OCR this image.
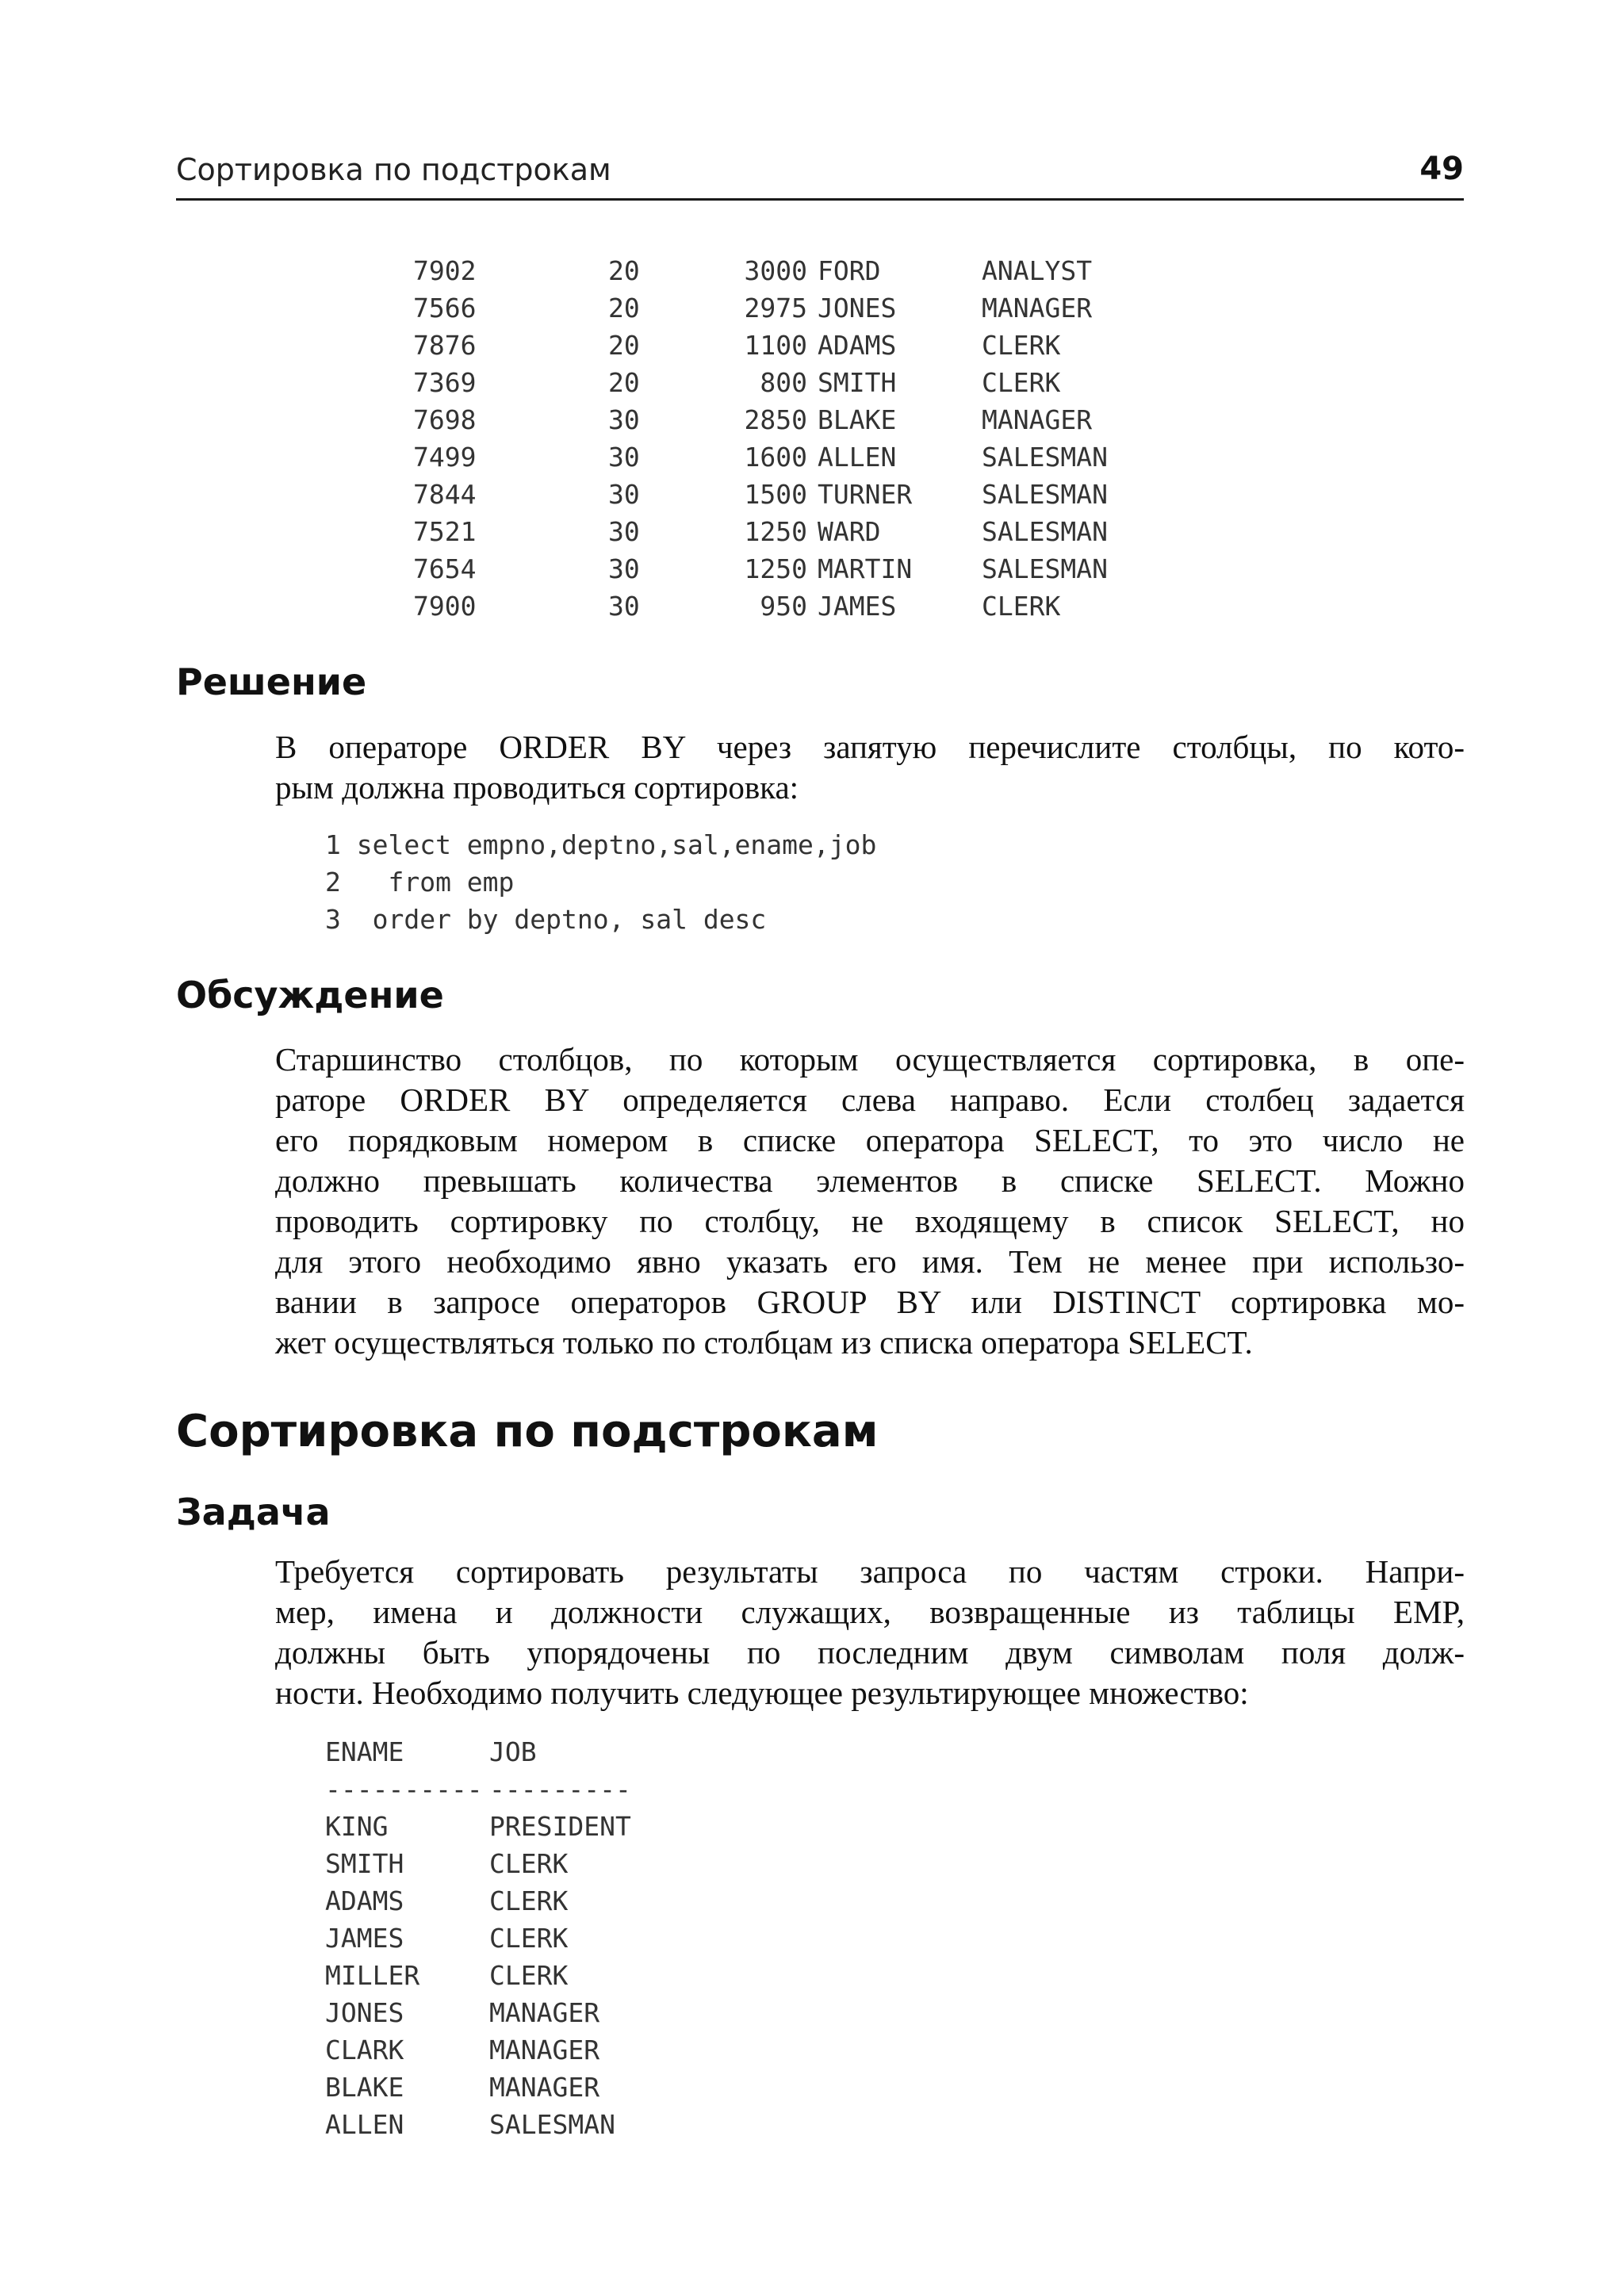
Сортировка по подстрокам	49
7902	20	3000 FORD	ANALYST
7566	20	2975 JONES	MANAGER
7876	20	1100 ADAMS	CLERK
7369	20	800 SMITH	CLERK
7698	30	2850 BLAKE	MANAGER
7499	30	1600 ALLEN	SALESMAN
7844	30	1500 TURNER	SALESMAN
7521	30	1250 WARD	SALESMAN
7654	30	1250 MARTIN	SALESMAN
7900	30	950 JAMES	CLERK
Решение
В операторе ORDER BY через запятую перечислите столбцы, по кото-
рым должна проводиться сортировка:
1 select empno,deptno,sal,ename,job
2   from emp
3  order by deptno, sal desc
Обсуждение
Старшинство столбцов, по которым осуществляется сортировка, в опе-
раторе ORDER BY определяется слева направо. Если столбец задается
его порядковым номером в списке оператора SELECT, то это число не
должно превышать количества элементов в списке SELECT. Можно
проводить сортировку по столбцу, не входящему в список SELECT, но
для этого необходимо явно указать его имя. Тем не менее при использо-
вании в запросе операторов GROUP BY или DISTINCT сортировка мо-
жет осуществляться только по столбцам из списка оператора SELECT.
Сортировка по подстрокам
Задача
Требуется сортировать результаты запроса по частям строки. Напри-
мер, имена и должности служащих, возвращенные из таблицы EMP,
должны быть упорядочены по последним двум символам поля долж-
ности. Необходимо получить следующее результирующее множество:
ENAME	JOB
---------- ---------
KING	PRESIDENT
SMITH	CLERK
ADAMS	CLERK
JAMES	CLERK
MILLER	CLERK
JONES	MANAGER
CLARK	MANAGER
BLAKE	MANAGER
ALLEN	SALESMAN
